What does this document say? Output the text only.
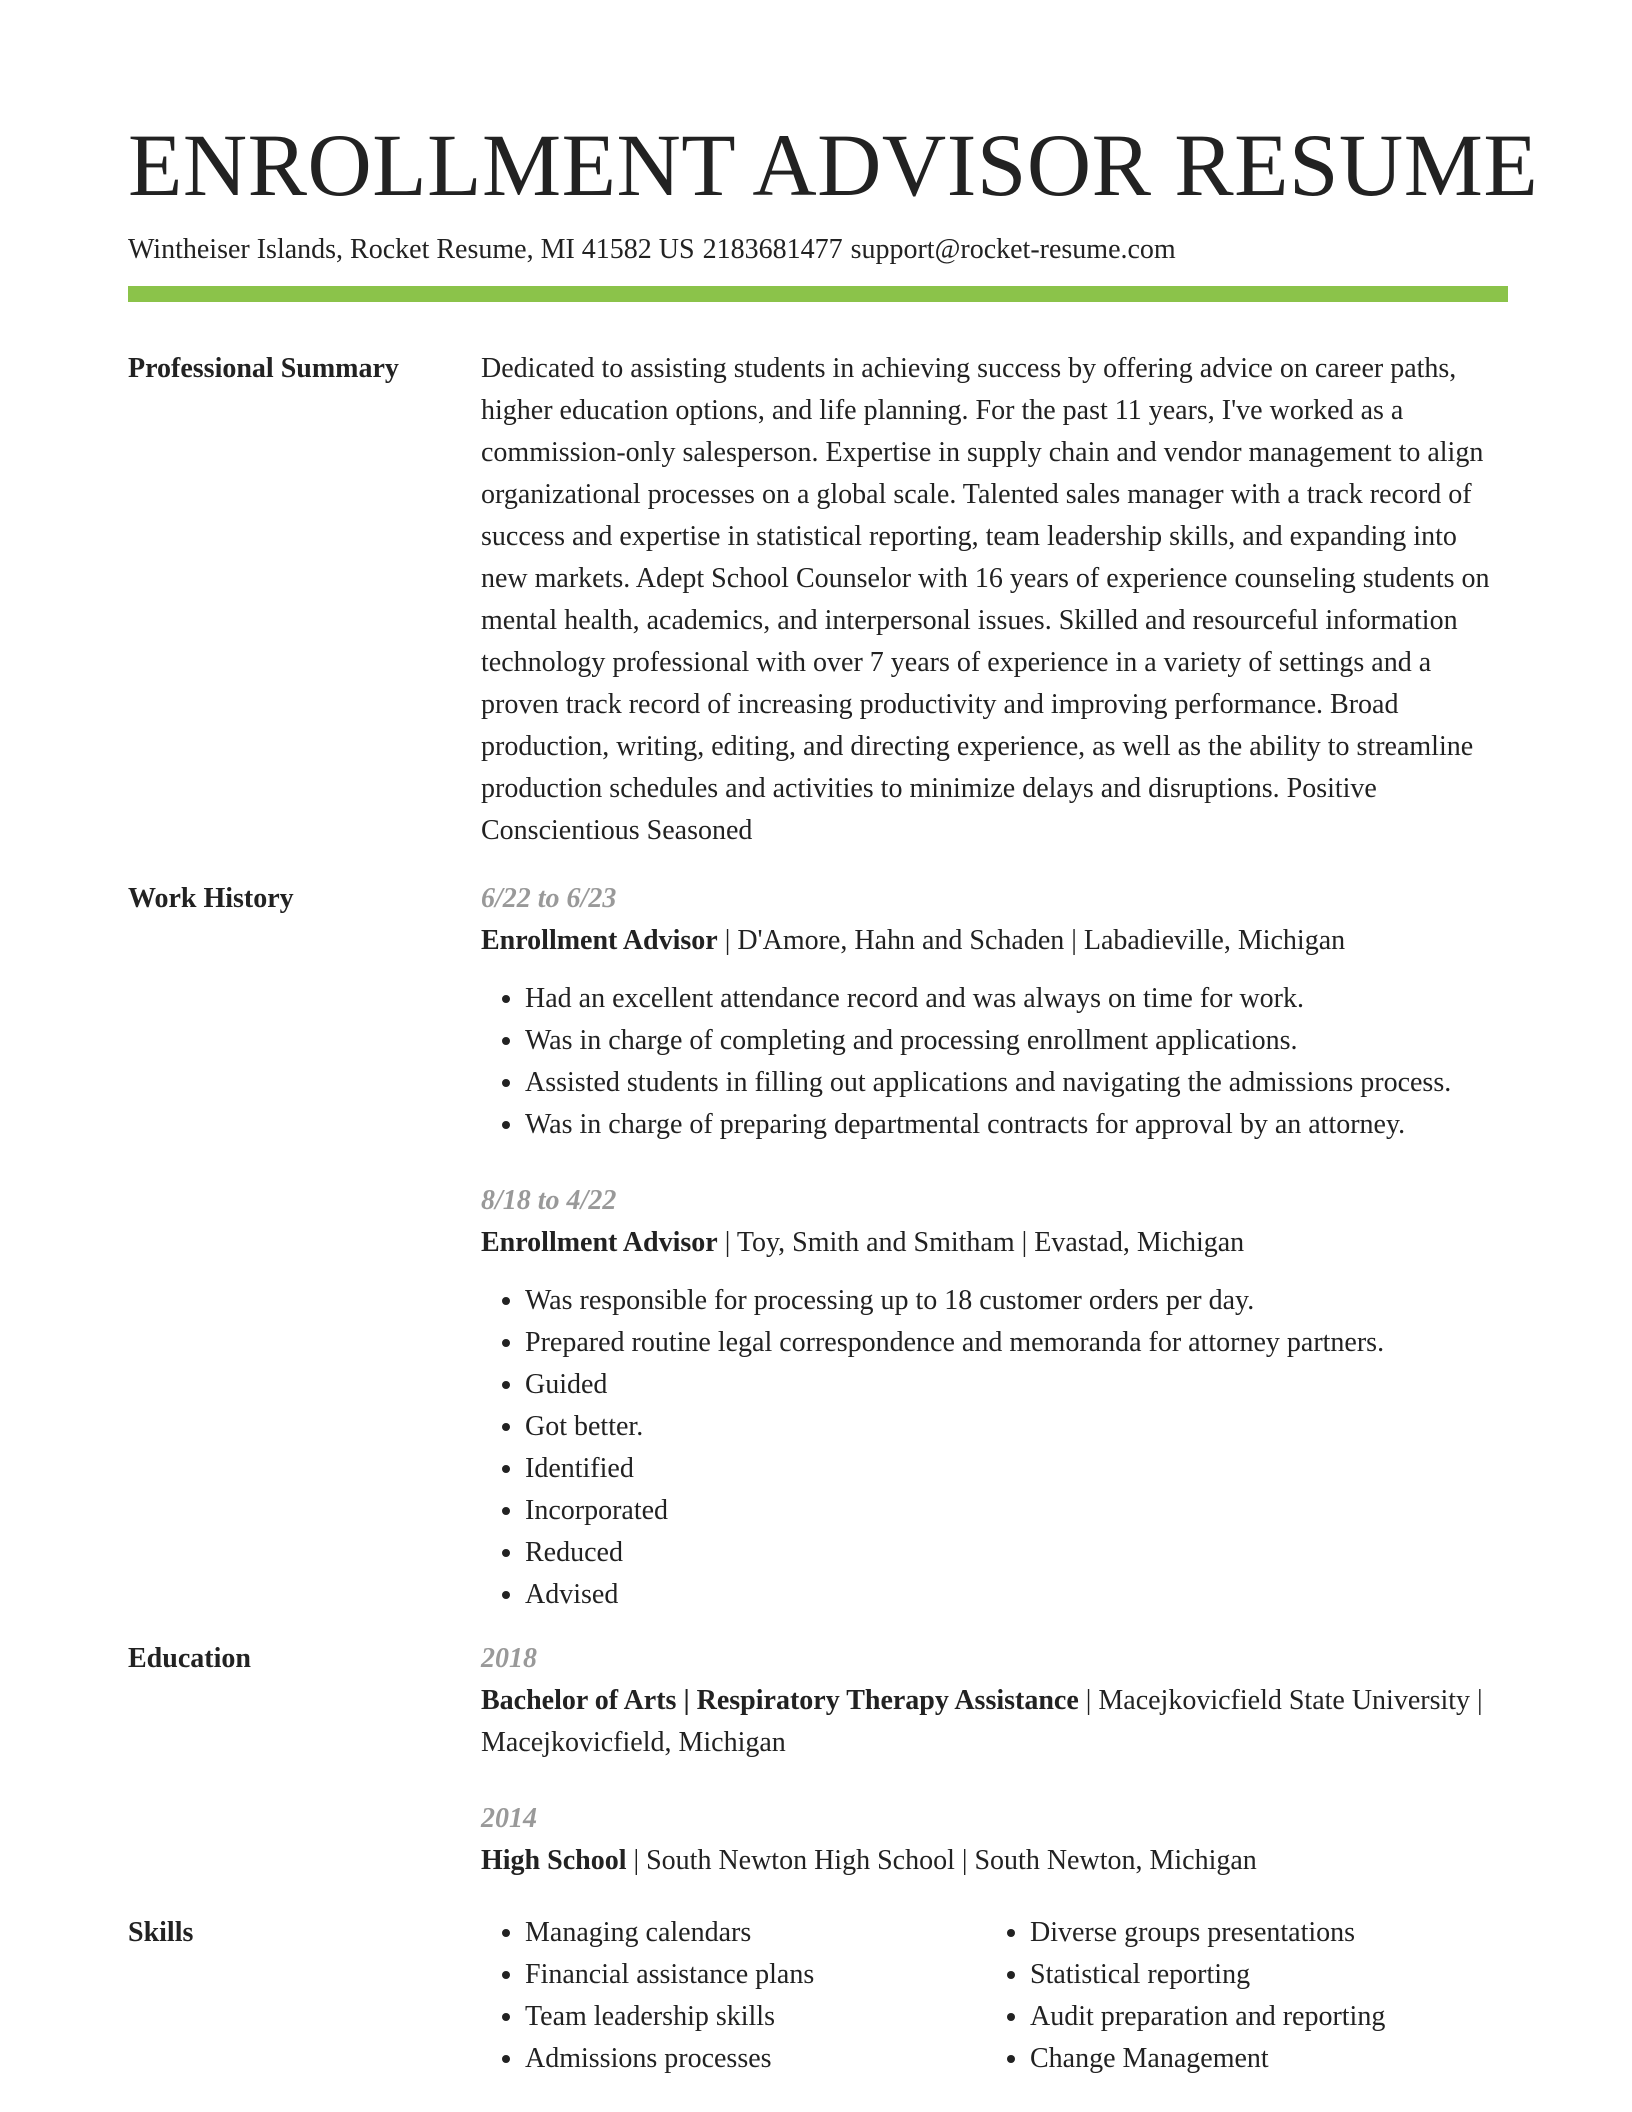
ENROLLMENT ADVISOR RESUME
Wintheiser Islands, Rocket Resume, MI 41582 US 2183681477 support@rocket-resume.com
Professional Summary	Dedicated to assisting students in achieving success by offering advice on career paths, higher education options, and life planning. For the past 11 years, I've worked as a commission-only salesperson. Expertise in supply chain and vendor management to align organizational processes on a global scale. Talented sales manager with a track record of success and expertise in statistical reporting, team leadership skills, and expanding into new markets. Adept School Counselor with 16 years of experience counseling students on mental health, academics, and interpersonal issues. Skilled and resourceful information technology professional with over 7 years of experience in a variety of settings and a proven track record of increasing productivity and improving performance. Broad production, writing, editing, and directing experience, as well as the ability to streamline production schedules and activities to minimize delays and disruptions. Positive Conscientious Seasoned

Work History	6/22 to 6/23
Enrollment Advisor | D'Amore, Hahn and Schaden | Labadieville, Michigan
• Had an excellent attendance record and was always on time for work.
• Was in charge of completing and processing enrollment applications.
• Assisted students in filling out applications and navigating the admissions process.
• Was in charge of preparing departmental contracts for approval by an attorney.
8/18 to 4/22
Enrollment Advisor | Toy, Smith and Smitham | Evastad, Michigan
• Was responsible for processing up to 18 customer orders per day.
• Prepared routine legal correspondence and memoranda for attorney partners.
• Guided
• Got better.
• Identified
• Incorporated
• Reduced
• Advised
Education	2018
Bachelor of Arts | Respiratory Therapy Assistance | Macejkovicfield State University | Macejkovicfield, Michigan
2014
High School | South Newton High School | South Newton, Michigan
Skills
•	Managing calendars
• Financial assistance plans
• Team leadership skills
• Admissions processes
• Diverse groups presentations
• Statistical reporting
• Audit preparation and reporting
• Change Management
